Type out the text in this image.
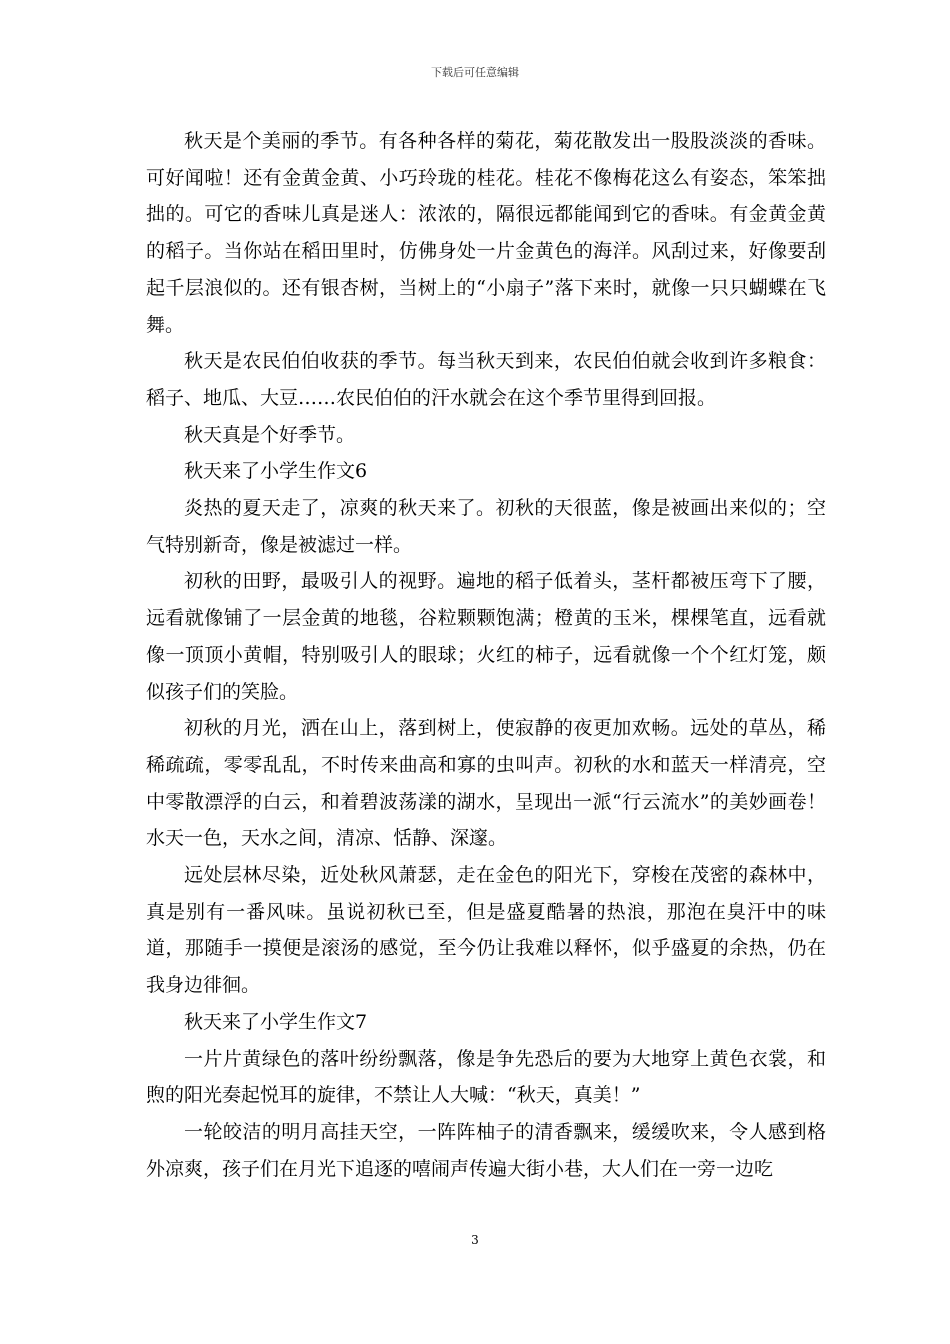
下载后可任意编辑

秋天是个美丽的季节。有各种各样的菊花，菊花散发出一股股淡淡的香味。可好闻啦！还有金黄金黄、小巧玲珑的桂花。桂花不像梅花这么有姿态，笨笨拙拙的。可它的香味儿真是迷人：浓浓的，隔很远都能闻到它的香味。有金黄金黄的稻子。当你站在稻田里时，仿佛身处一片金黄色的海洋。风刮过来，好像要刮起千层浪似的。还有银杏树，当树上的“小扇子”落下来时，就像一只只蝴蝶在飞舞。

秋天是农民伯伯收获的季节。每当秋天到来，农民伯伯就会收到许多粮食：稻子、地瓜、大豆……农民伯伯的汗水就会在这个季节里得到回报。

秋天真是个好季节。

秋天来了小学生作文6

炎热的夏天走了，凉爽的秋天来了。初秋的天很蓝，像是被画出来似的；空气特别新奇，像是被滤过一样。

初秋的田野，最吸引人的视野。遍地的稻子低着头，茎杆都被压弯下了腰，远看就像铺了一层金黄的地毯，谷粒颗颗饱满；橙黄的玉米，棵棵笔直，远看就像一顶顶小黄帽，特别吸引人的眼球；火红的柿子，远看就像一个个红灯笼，颇似孩子们的笑脸。

初秋的月光，洒在山上，落到树上，使寂静的夜更加欢畅。远处的草丛，稀稀疏疏，零零乱乱，不时传来曲高和寡的虫叫声。初秋的水和蓝天一样清亮，空中零散漂浮的白云，和着碧波荡漾的湖水，呈现出一派“行云流水”的美妙画卷！水天一色，天水之间，清凉、恬静、深邃。

远处层林尽染，近处秋风萧瑟，走在金色的阳光下，穿梭在茂密的森林中，真是别有一番风味。虽说初秋已至，但是盛夏酷暑的热浪，那泡在臭汗中的味道，那随手一摸便是滚汤的感觉，至今仍让我难以释怀，似乎盛夏的余热，仍在我身边徘徊。

秋天来了小学生作文7

一片片黄绿色的落叶纷纷飘落，像是争先恐后的要为大地穿上黄色衣裳，和煦的阳光奏起悦耳的旋律，不禁让人大喊：“秋天，真美！”

一轮皎洁的明月高挂天空，一阵阵柚子的清香飘来，缓缓吹来，令人感到格外凉爽，孩子们在月光下追逐的嘻闹声传遍大街小巷，大人们在一旁一边吃

3
